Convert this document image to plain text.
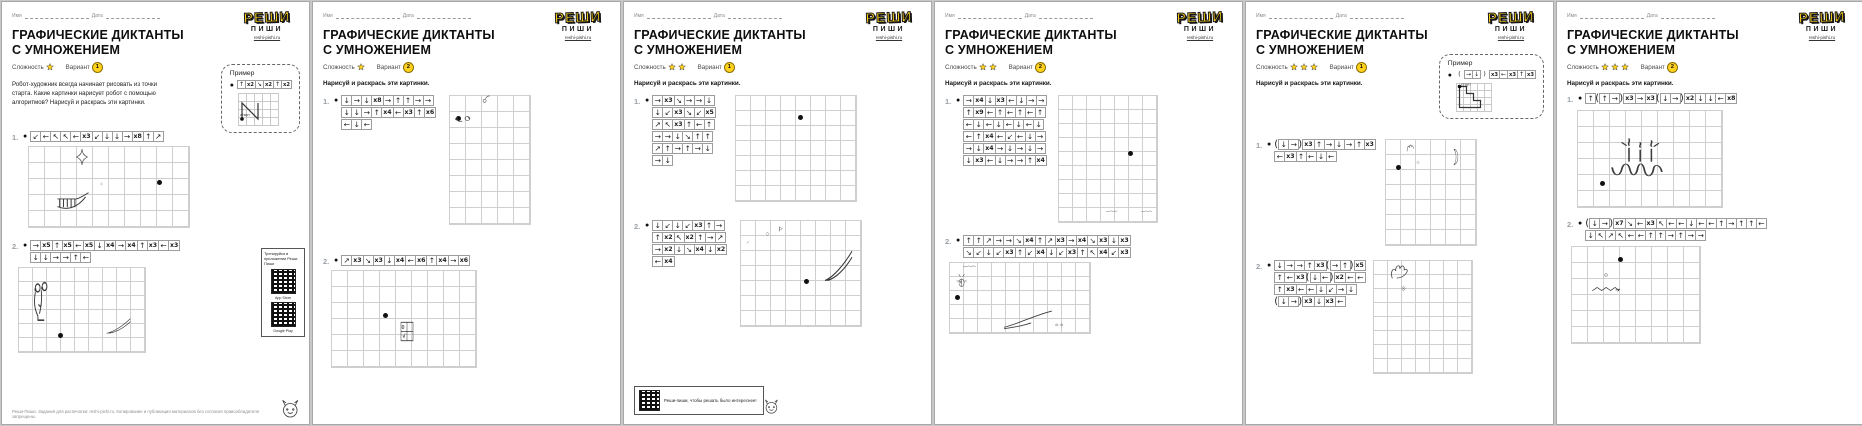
Имя	Дата	РЕШИ
ПИШИ
reshi-pishi.ru
ГРАФИЧЕСКИЕ ДИКТАНТЫ
С УМНОЖЕНИЕМ
Сложность	Вариант	1
Робот-художник всегда начинает рисовать из точки старта. Какие картинки нарисует робот с помощью алгоритмов? Нарисуй и раскрась эти картинки.
Пример
● ↑ x2 ↘ x2 ↑ x2
старт
1. ● ↙ ← ↖ ↖ ← x3 ↙ ↓ ↓ → x8 ↑ ↗
2. ● → x5 ↑ x5 ← x5 ↓ x4 → x4 ↑ x3 ← x3
↓ ↓ → → ↑ ←
Реши-Пиши. Задания для распечатки: reshi-pishi.ru. Копирование и публикация материалов без согласия правообладателя запрещены.
Тренируйся в приложении Реши-Пиши
App Store
Google Play
Имя	Дата	РЕШИ
ПИШИ
reshi-pishi.ru
ГРАФИЧЕСКИЕ ДИКТАНТЫ
С УМНОЖЕНИЕМ
Сложность	Вариант	2
Нарисуй и раскрась эти картинки.
1. ● ↓ → ↓ x8 → ↑ ↑ → →
↓ ↓ → ↑ x4 ← x3 ↑ x6
← ↓ ←
2. ● ↗ x3 ↘ x3 ↓ x4 ← x6 ↑ x4 → x6
Имя	Дата	РЕШИ
ПИШИ
reshi-pishi.ru
ГРАФИЧЕСКИЕ ДИКТАНТЫ
С УМНОЖЕНИЕМ
Сложность	Вариант	1
Нарисуй и раскрась эти картинки.
1. ● → x3 ↘ → → ↓
↓ ↙ x3 ↘ ↙ x5
↗ ↖ x3 ↑ ← ↑
→ → ↓ ↘ ↑ ↑
↗ ↑ → ↑ → ↓
→ ↓
2. ● ↓ ↙ ↓ ↙ x3 ↑ →
↑ x2 ↖ x2 ↑ → ↗
→ x2 ↓ ↘ x4 ↓ x2
← x4
Реши-пиши, чтобы решать было интереснее!
Имя	Дата	РЕШИ
ПИШИ
reshi-pishi.ru
ГРАФИЧЕСКИЕ ДИКТАНТЫ
С УМНОЖЕНИЕМ
Сложность	Вариант	2
Нарисуй и раскрась эти картинки.
1. ● → x4 ↓ x3 ← ↓ → →
↑ x9 ← ↑ ← ↑ ← ↑
← ↓ ← ↓ ← ↓ ← ↓
← ↑ x4 ← ↙ ← ↓ →
→ ↓ x4 → ↓ → ↓ →
↓ x3 ← ↓ → → ↑ x4
2. ● ↑ ↑ ↗ → → ↘ x4 ↑ ↗ x3 → x4 ↘ x3 ↓ x3
↘ ↙ ↓ ↙ x3 ↑ ↙ x4 ↓ ↙ x3 ↑ ↖ x4 ↙ x3
Имя	Дата	РЕШИ
ПИШИ
reshi-pishi.ru
ГРАФИЧЕСКИЕ ДИКТАНТЫ
С УМНОЖЕНИЕМ
Сложность	Вариант	1
Нарисуй и раскрась эти картинки.
Пример
●	( → ↓ )	x3 ← x3 ↑ x3
старт
1. ● ( ↓ → ) x3 ↑ → ↓ → ↑ x3
← x3 ↑ ← ↓ ←
2. ● ↓ → → ↑ x3 ( → ↑ ) x5
↑ ← x3 ( ↓ ← ) x2 ← ←
↑ x3 ← ← ↓ ↙ → ↓
( ↓ → ) x3 ↓ x3 ←
Имя	Дата	РЕШИ
ПИШИ
reshi-pishi.ru
ГРАФИЧЕСКИЕ ДИКТАНТЫ
С УМНОЖЕНИЕМ
Сложность	Вариант	2
Нарисуй и раскрась эти картинки.
1. ● ↑ ( ↑ → ) x3 → x3 ( ↓ → ) x2 ↓ ↓ ← x8
2. ● ( ↓ → ) x7 ↘ ← x3 ↖ ← ← ↓ ← ← ↑ → ↑ ↑ ←
↓ ↖ ↗ ↖ ← ← ↑ ↑ → ↑ → →
